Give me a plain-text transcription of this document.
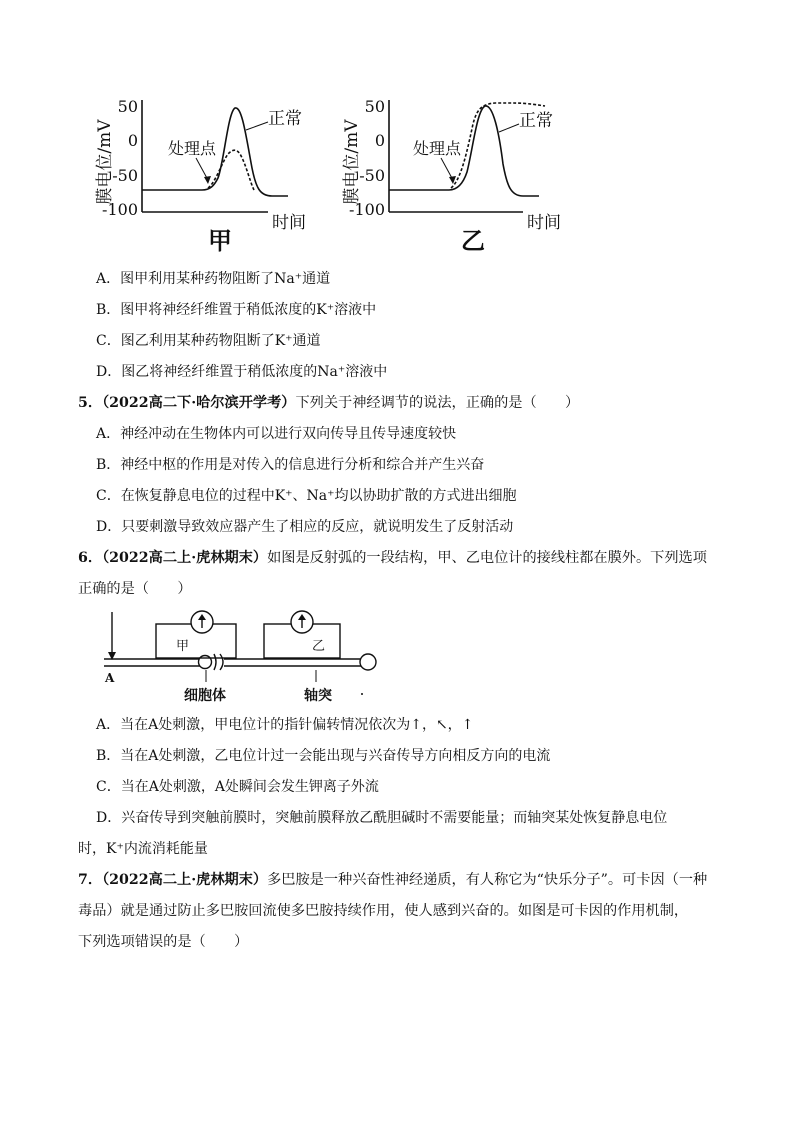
膜电位/mV
50
0
-50
-100
正常
处理点
时间
甲
膜电位/mV
50
0
-50
-100
正常
处理点
时间
乙
A．图甲利用某种药物阻断了Na⁺通道
B．图甲将神经纤维置于稍低浓度的K⁺溶液中
C．图乙利用某种药物阻断了K⁺通道
D．图乙将神经纤维置于稍低浓度的Na⁺溶液中
5．（2022高二下·哈尔滨开学考）下列关于神经调节的说法，正确的是（　　）
A．神经冲动在生物体内可以进行双向传导且传导速度较快
B．神经中枢的作用是对传入的信息进行分析和综合并产生兴奋
C．在恢复静息电位的过程中K⁺、Na⁺均以协助扩散的方式进出细胞
D．只要刺激导致效应器产生了相应的反应，就说明发生了反射活动
6．（2022高二上·虎林期末）如图是反射弧的一段结构，甲、乙电位计的接线柱都在膜外。下列选项
正确的是（　　）
甲	乙
A
细胞体	轴突
A．当在A处刺激，甲电位计的指针偏转情况依次为↑，↖，↑
B．当在A处刺激，乙电位计过一会能出现与兴奋传导方向相反方向的电流
C．当在A处刺激，A处瞬间会发生钾离子外流
D．兴奋传导到突触前膜时，突触前膜释放乙酰胆碱时不需要能量；而轴突某处恢复静息电位
时，K⁺内流消耗能量
7．（2022高二上·虎林期末）多巴胺是一种兴奋性神经递质，有人称它为“快乐分子”。可卡因（一种
毒品）就是通过防止多巴胺回流使多巴胺持续作用，使人感到兴奋的。如图是可卡因的作用机制，
下列选项错误的是（　　）
